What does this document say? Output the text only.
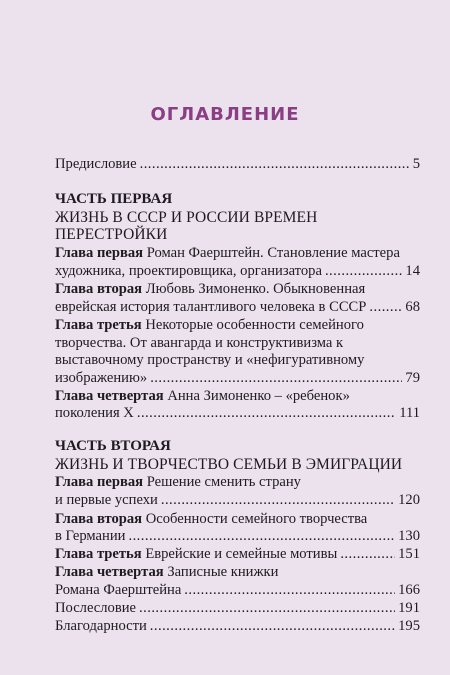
ОГЛАВЛЕНИЕ
Предисловие . . .	5
ЧАСТЬ ПЕРВАЯ
ЖИЗНЬ В СССР И РОССИИ ВРЕМЕН
ПЕРЕСТРОЙКИ
Глава первая Роман Фаерштейн. Становление мастера
художника, проектировщика, организатора . . .	14
Глава вторая Любовь Зимоненко. Обыкновенная
еврейская история талантливого человека в СССР . . .	68
Глава третья Некоторые особенности семейного
творчества. От авангарда и конструктивизма к
выставочному пространству и «нефигуративному
изображению» . . .	79
Глава четвертая Анна Зимоненко – «ребенок»
поколения X . . .	111
ЧАСТЬ ВТОРАЯ
ЖИЗНЬ И ТВОРЧЕСТВО СЕМЬИ В ЭМИГРАЦИИ
Глава первая Решение сменить страну
и первые успехи . . .	120
Глава вторая Особенности семейного творчества
в Германии . . .	130
Глава третья Еврейские и семейные мотивы . . .	151
Глава четвертая Записные книжки
Романа Фаерштейна . . .	166
Послесловие . . .	191
Благодарности . . .	195
